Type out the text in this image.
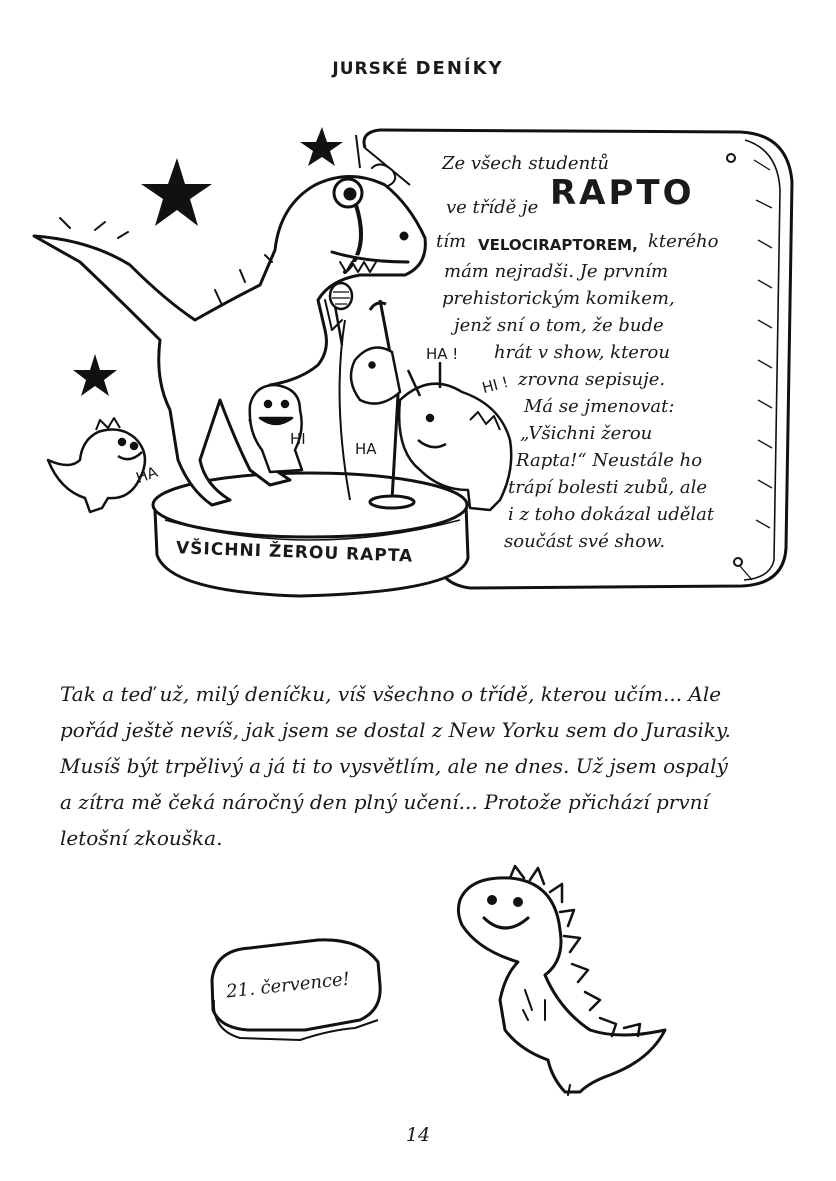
JURSKÉ DENÍKY
Ze všech studentů
ve třídě je RAPTO
tím VELOCIRAPTOREM, kterého
mám nejradši. Je prvním
prehistorickým komikem,
jenž sní o tom, že bude
hrát v show, kterou
zrovna sepisuje.
Má se jmenovat:
„Všichni žerou
Rapta!“ Neustále ho
trápí bolesti zubů, ale
i z toho dokázal udělat
součást své show.
HA !
HI !
HI
HA
HA
VŠICHNI ŽEROU RAPTA
Tak a teď už, milý deníčku, víš všechno o třídě, kterou učím... Ale
pořád ještě nevíš, jak jsem se dostal z New Yorku sem do Jurasiky.
Musíš být trpělivý a já ti to vysvětlím, ale ne dnes. Už jsem ospalý
a zítra mě čeká náročný den plný učení... Protože přichází první
letošní zkouška.
21. července!
14
